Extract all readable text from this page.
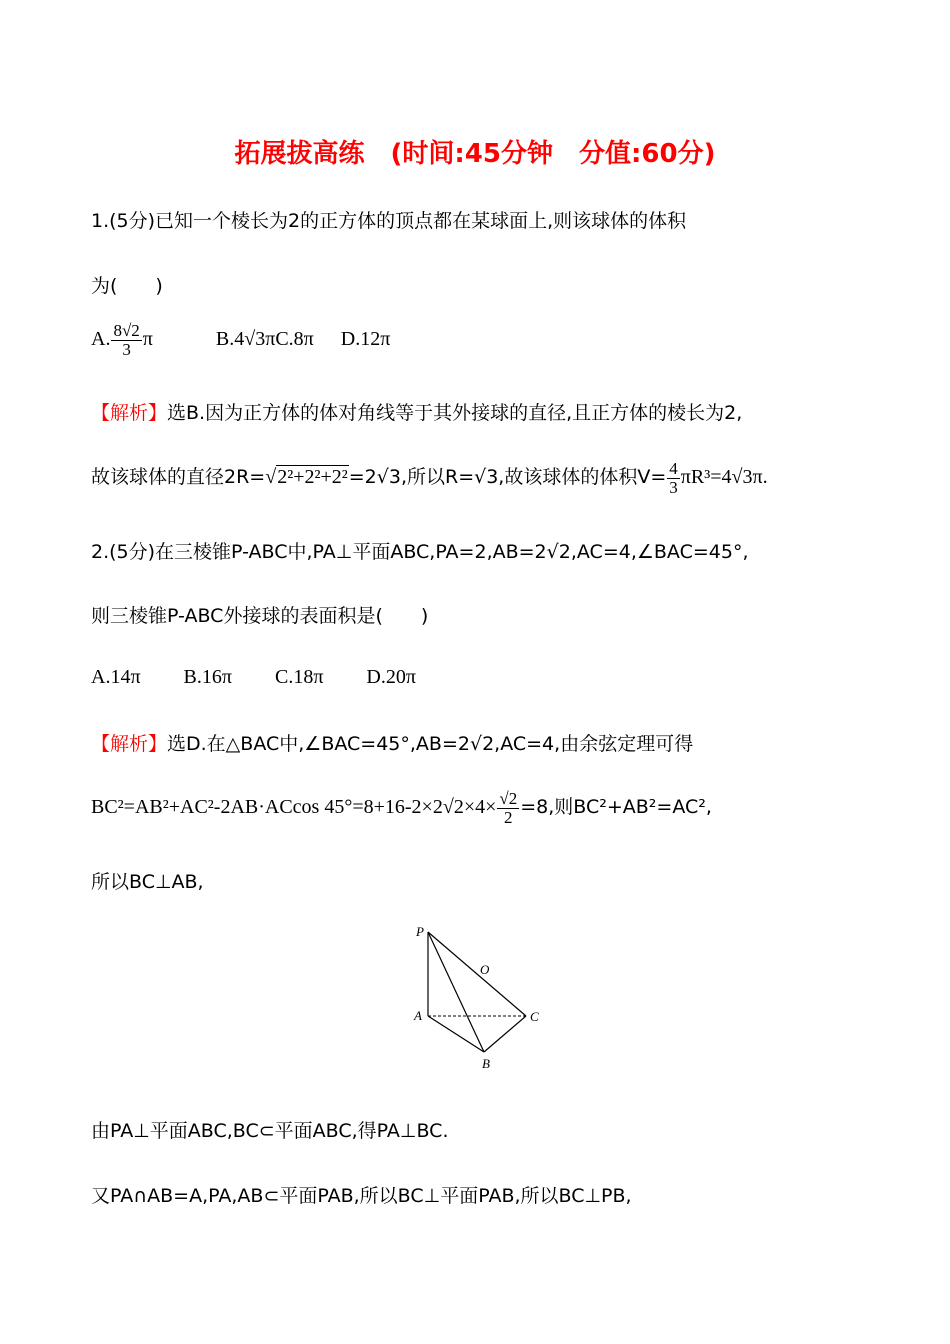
拓展拔高练　(时间:45分钟　分值:60分)
1.(5分)已知一个棱长为2的正方体的顶点都在某球面上,则该球体的体积
为(　　)
A. $\frac{8√2}{3}$ π	B.4√3πC.8π D.12π
【解析】选B.因为正方体的体对角线等于其外接球的直径,且正方体的棱长为2,
故该球体的直径2R=√2²+2²+2²=2√3,所以R=√3,故该球体的体积$V= \frac{4}{3} \pi R^3=4√3\pi$.
2.(5分)在三棱锥P-ABC中,PA⊥平面ABC,PA=2,AB=2√2,AC=4,∠BAC=45°,
则三棱锥P-ABC外接球的表面积是(　　)
A.14π B.16π C.18π D.20π
【解析】选D.在△BAC中,∠BAC=45°,AB=2√2,AC=4,由余弦定理可得
BC²=AB²+AC²-2AB·ACcos $45^\circ=8+16-2\times 2√2\times 4\times \frac{√2}{2} =8$,则BC²+AB²=AC²,
所以BC⊥AB,
P
O
A	C
B
由PA⊥平面ABC,BC⊂平面ABC,得PA⊥BC.
又PA∩AB=A,PA,AB⊂平面PAB,所以BC⊥平面PAB,所以BC⊥PB,
